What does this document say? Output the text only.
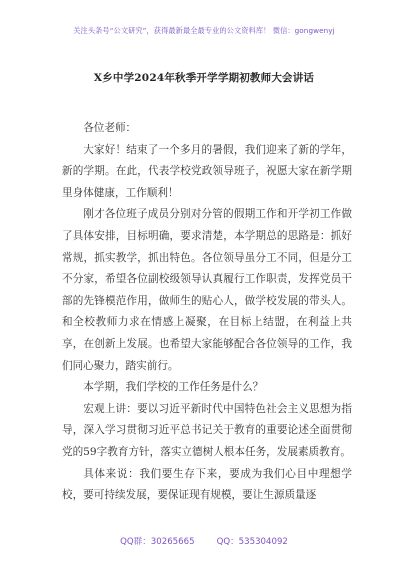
关注头条号“公文研究”，获得最新最全最专业的公文资料库！ 微信：gongwenyj
X乡中学2024年秋季开学学期初教师大会讲话

各位老师：

大家好！结束了一个多月的暑假，我们迎来了新的学年，新的学期。在此，代表学校党政领导班子，祝愿大家在新学期里身体健康，工作顺利！

刚才各位班子成员分别对分管的假期工作和开学初工作做了具体安排，目标明确，要求清楚，本学期总的思路是：抓好常规，抓实教学，抓出特色。各位领导虽分工不同，但是分工不分家，希望各位副校级领导认真履行工作职责，发挥党员干部的先锋模范作用，做师生的贴心人，做学校发展的带头人。和全校教师力求在情感上凝聚，在目标上结盟，在利益上共享，在创新上发展。也希望大家能够配合各位领导的工作，我们同心聚力，踏实前行。

本学期，我们学校的工作任务是什么？

宏观上讲：要以习近平新时代中国特色社会主义思想为指导，深入学习贯彻习近平总书记关于教育的重要论述全面贯彻党的59字教育方针，落实立德树人根本任务，发展素质教育。

具体来说：我们要生存下来，要成为我们心目中理想学校，要可持续发展，要保证现有规模，要让生源质量逐

QQ群：30265665	QQ：535304092
